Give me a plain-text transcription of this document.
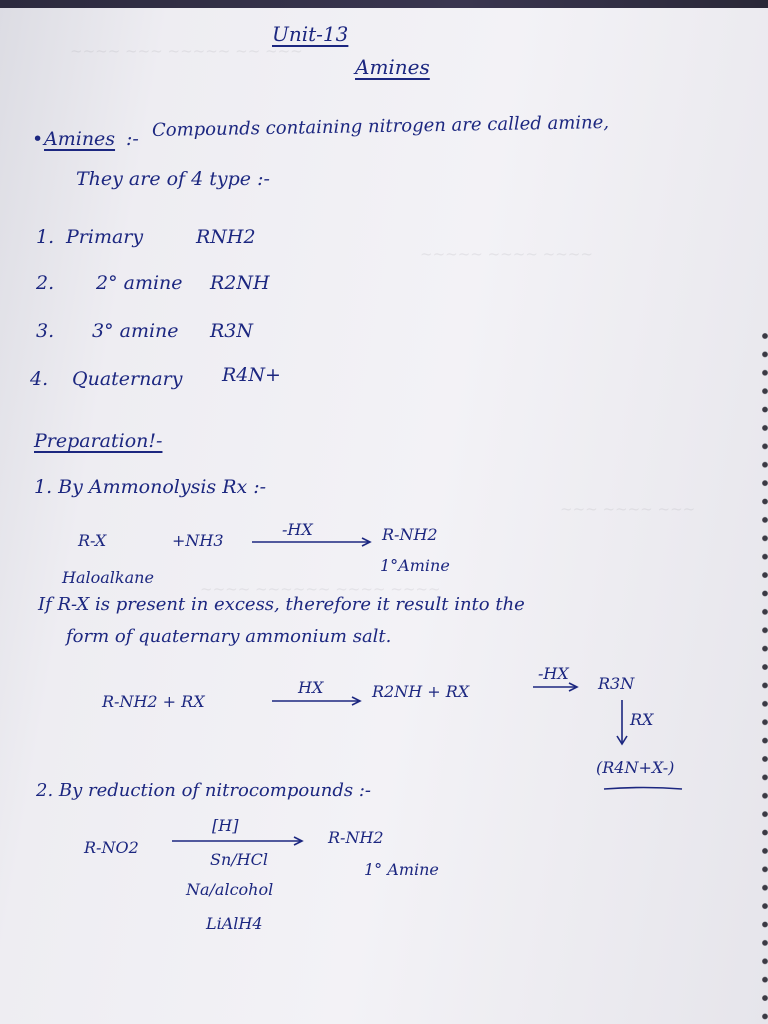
~~~~ ~~~ ~~~~~ ~~ ~~~
~~~~~ ~~~~ ~~~~
~~~ ~~~~ ~~~
~~~~ ~~~~~~ ~~~~ ~~~~
Unit-13
Amines
• Amines :- Compounds containing nitrogen are called amine,
They are of 4 type :-
1. Primary	RNH2
2. 2° amine R2NH
3. 3° amine R3N
4. Quaternary R4N+
Preparation!-
1. By Ammonolysis Rx :-
R-X	+NH3
-HX	R-NH2
Haloalkane
1°Amine
If R-X is present in excess, therefore it result into the
form of quaternary ammonium salt.
R-NH2 + RX
HX	R2NH + RX
-HX
R3N
RX
(R4N+X-)
2. By reduction of nitrocompounds :-
R-NO2
[H]
Sn/HCl
R-NH2
1° Amine
Na/alcohol
LiAlH4
